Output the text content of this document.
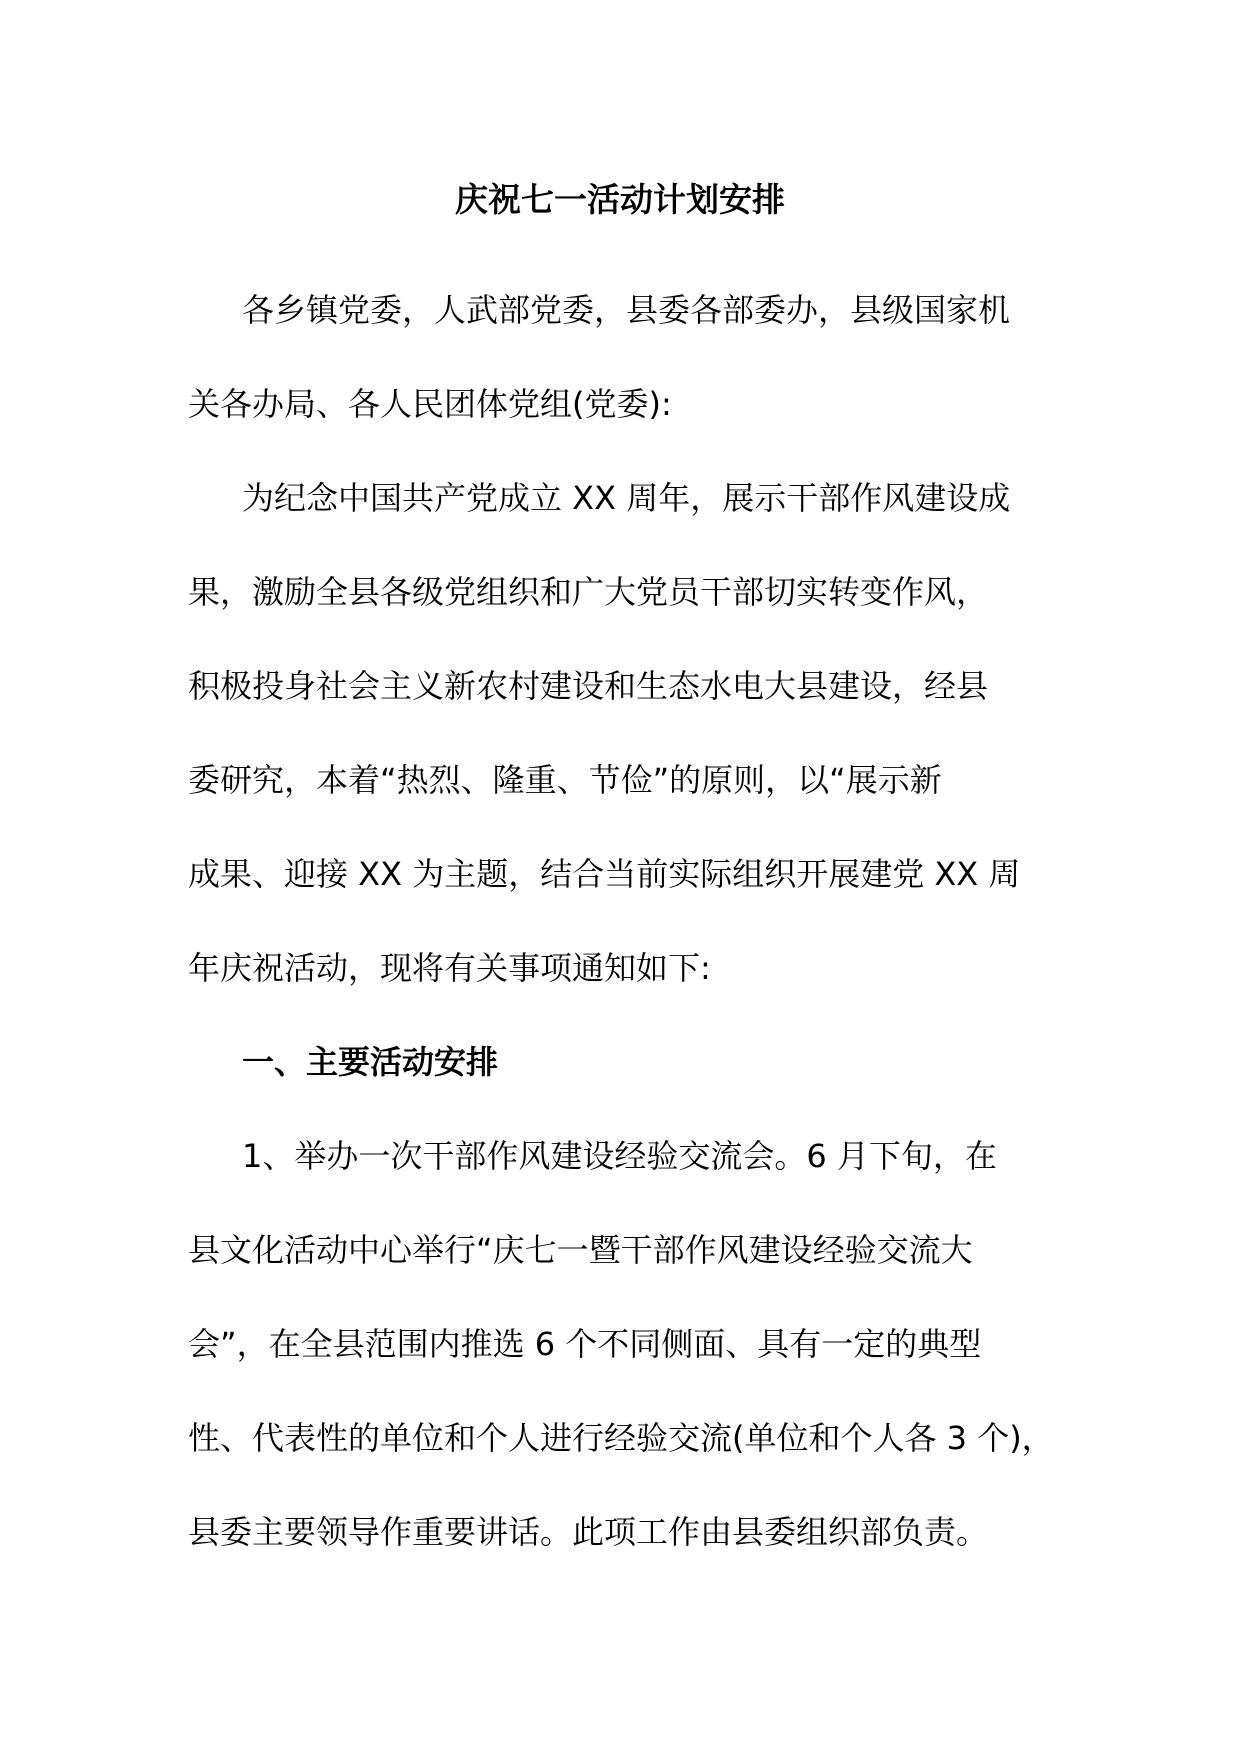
庆祝七一活动计划安排

各乡镇党委，人武部党委，县委各部委办，县级国家机

关各办局、各人民团体党组(党委):

为纪念中国共产党成立 XX 周年，展示干部作风建设成

果，激励全县各级党组织和广大党员干部切实转变作风，

积极投身社会主义新农村建设和生态水电大县建设，经县

委研究，本着“热烈、隆重、节俭”的原则，以“展示新

成果、迎接 XX 为主题，结合当前实际组织开展建党 XX 周

年庆祝活动，现将有关事项通知如下:

一、主要活动安排

1、举办一次干部作风建设经验交流会。6 月下旬，在

县文化活动中心举行“庆七一暨干部作风建设经验交流大

会”，在全县范围内推选 6 个不同侧面、具有一定的典型

性、代表性的单位和个人进行经验交流(单位和个人各 3 个)，

县委主要领导作重要讲话。此项工作由县委组织部负责。
